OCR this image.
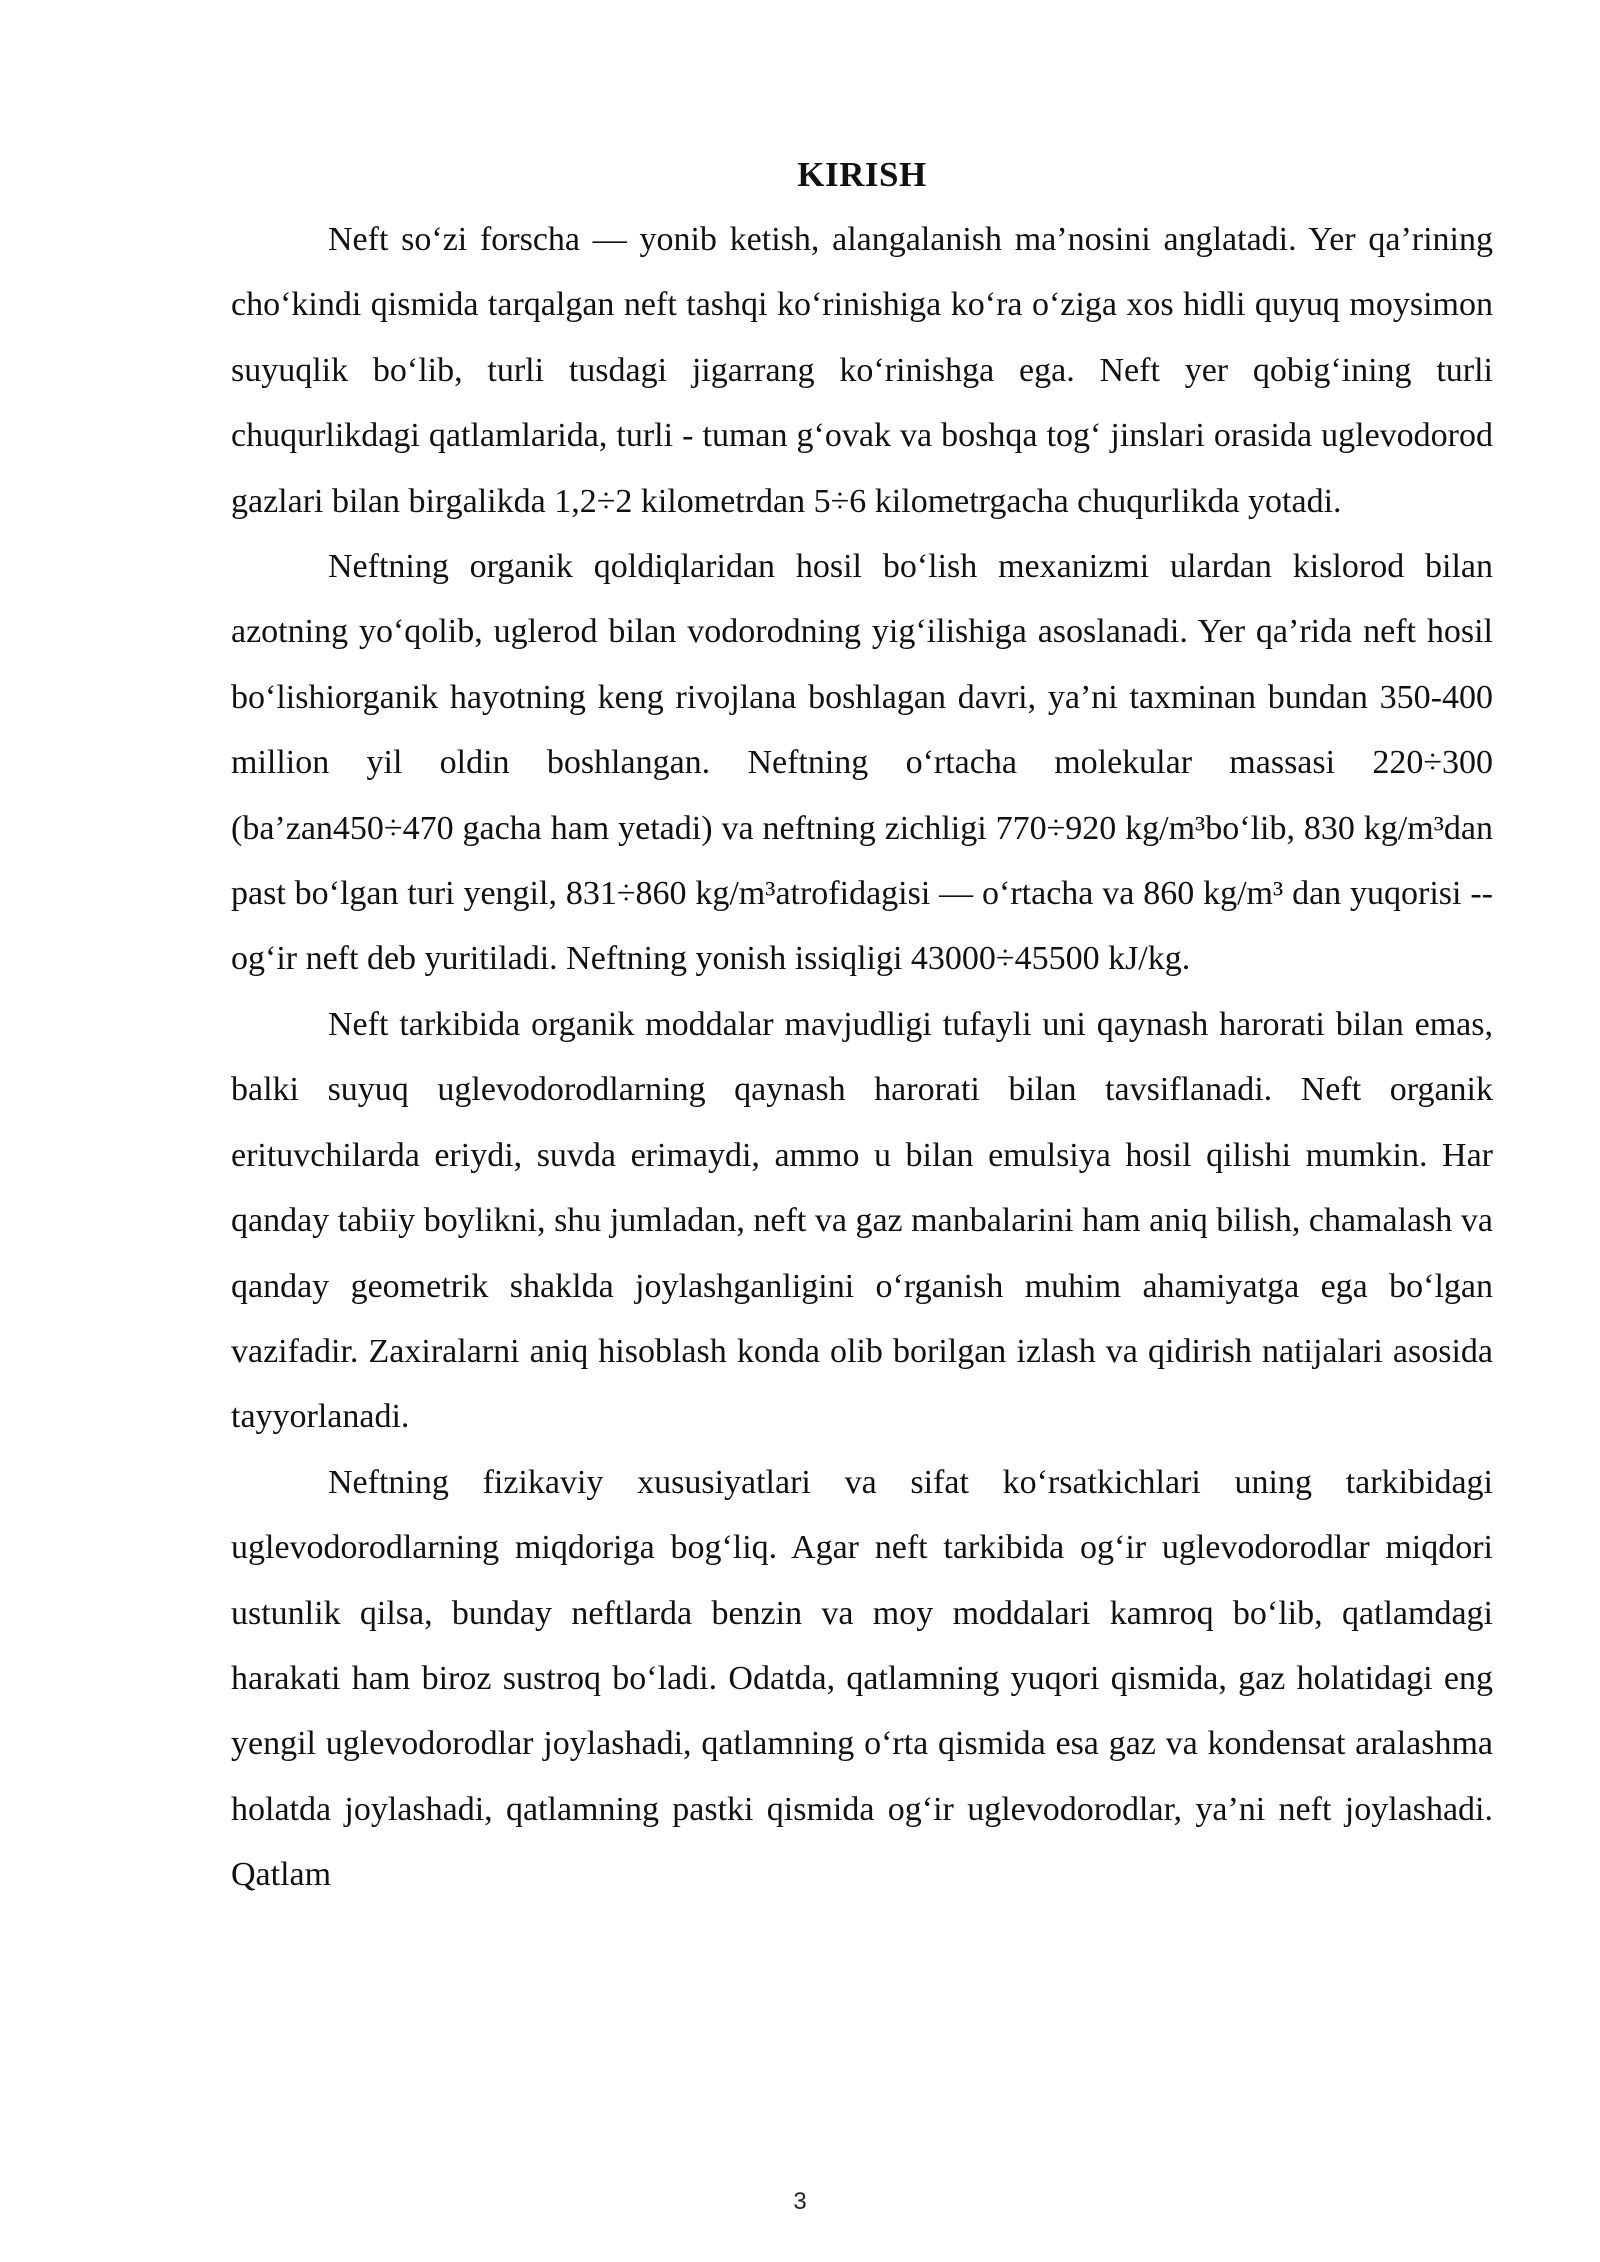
KIRISH

Neft so‘zi forscha — yonib ketish, alangalanish ma’nosini anglatadi. Yer qa’rining cho‘kindi qismida tarqalgan neft tashqi ko‘rinishiga ko‘ra o‘ziga xos hidli quyuq moysimon suyuqlik bo‘lib, turli tusdagi jigarrang ko‘rinishga ega. Neft yer qobig‘ining turli chuqurlikdagi qatlamlarida, turli - tuman g‘ovak va boshqa tog‘ jinslari orasida uglevodorod gazlari bilan birgalikda 1,2÷2 kilometrdan 5÷6 kilometrgacha chuqurlikda yotadi.

Neftning organik qoldiqlaridan hosil bo‘lish mexanizmi ulardan kislorod bilan azotning yo‘qolib, uglerod bilan vodorodning yig‘ilishiga asoslanadi. Yer qa’rida neft hosil bo‘lishiorganik hayotning keng rivojlana boshlagan davri, ya’ni taxminan bundan 350-400 million yil oldin boshlangan. Neftning o‘rtacha molekular massasi 220÷300 (ba’zan450÷470 gacha ham yetadi) va neftning zichligi 770÷920 kg/m³bo‘lib, 830 kg/m³dan past bo‘lgan turi yengil, 831÷860 kg/m³atrofidagisi — o‘rtacha va 860 kg/m³ dan yuqorisi -- og‘ir neft deb yuritiladi. Neftning yonish issiqligi 43000÷45500 kJ/kg.

Neft tarkibida organik moddalar mavjudligi tufayli uni qaynash harorati bilan emas, balki suyuq uglevodorodlarning qaynash harorati bilan tavsiflanadi. Neft organik erituvchilarda eriydi, suvda erimaydi, ammo u bilan emulsiya hosil qilishi mumkin. Har qanday tabiiy boylikni, shu jumladan, neft va gaz manbalarini ham aniq bilish, chamalash va qanday geometrik shaklda joylashganligini o‘rganish muhim ahamiyatga ega bo‘lgan vazifadir. Zaxiralarni aniq hisoblash konda olib borilgan izlash va qidirish natijalari asosida tayyorlanadi.

Neftning fizikaviy xususiyatlari va sifat ko‘rsatkichlari uning tarkibidagi uglevodorodlarning miqdoriga bog‘liq. Agar neft tarkibida og‘ir uglevodorodlar miqdori ustunlik qilsa, bunday neftlarda benzin va moy moddalari kamroq bo‘lib, qatlamdagi harakati ham biroz sustroq bo‘ladi. Odatda, qatlamning yuqori qismida, gaz holatidagi eng yengil uglevodorodlar joylashadi, qatlamning o‘rta qismida esa gaz va kondensat aralashma holatda joylashadi, qatlamning pastki qismida og‘ir uglevodorodlar, ya’ni neft joylashadi. Qatlam

3
